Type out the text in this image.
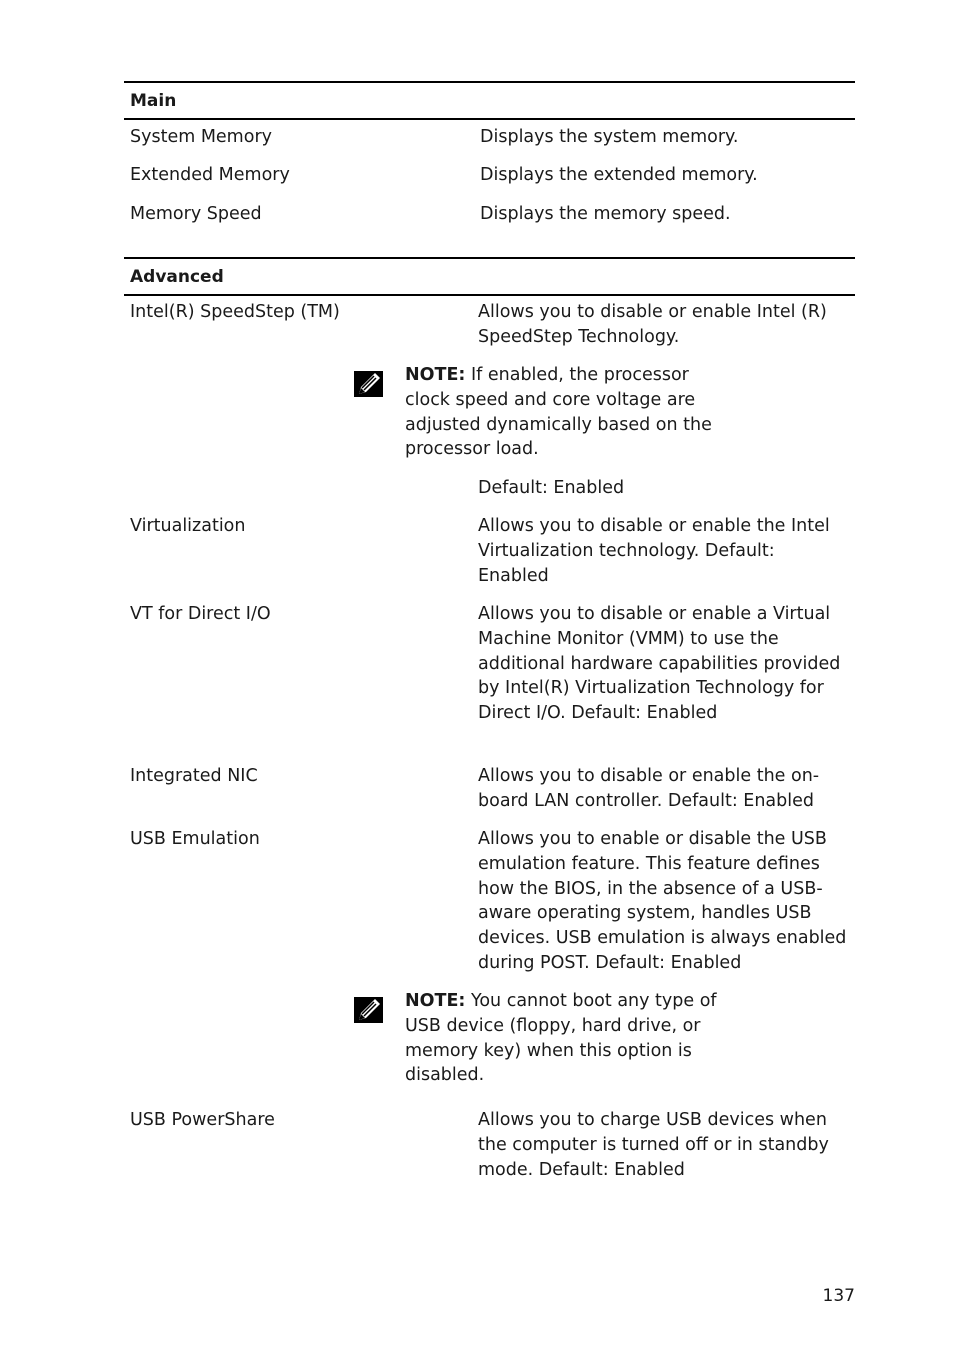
Main
System Memory	Displays the system memory.
Extended Memory	Displays the extended memory.
Memory Speed	Displays the memory speed.
Advanced
Intel(R) SpeedStep (TM)	Allows you to disable or enable Intel (R) SpeedStep Technology.
NOTE: If enabled, the processor clock speed and core voltage are adjusted dynamically based on the processor load.
Default: Enabled
Virtualization	Allows you to disable or enable the Intel Virtualization technology. Default: Enabled
VT for Direct I/O	Allows you to disable or enable a Virtual Machine Monitor (VMM) to use the additional hardware capabilities provided by Intel(R) Virtualization Technology for Direct I/O. Default: Enabled
Integrated NIC	Allows you to disable or enable the on-board LAN controller. Default: Enabled
USB Emulation	Allows you to enable or disable the USB emulation feature. This feature defines how the BIOS, in the absence of a USB-aware operating system, handles USB devices. USB emulation is always enabled during POST. Default: Enabled
NOTE: You cannot boot any type of USB device (floppy, hard drive, or memory key) when this option is disabled.
USB PowerShare	Allows you to charge USB devices when the computer is turned off or in standby mode. Default: Enabled
137
